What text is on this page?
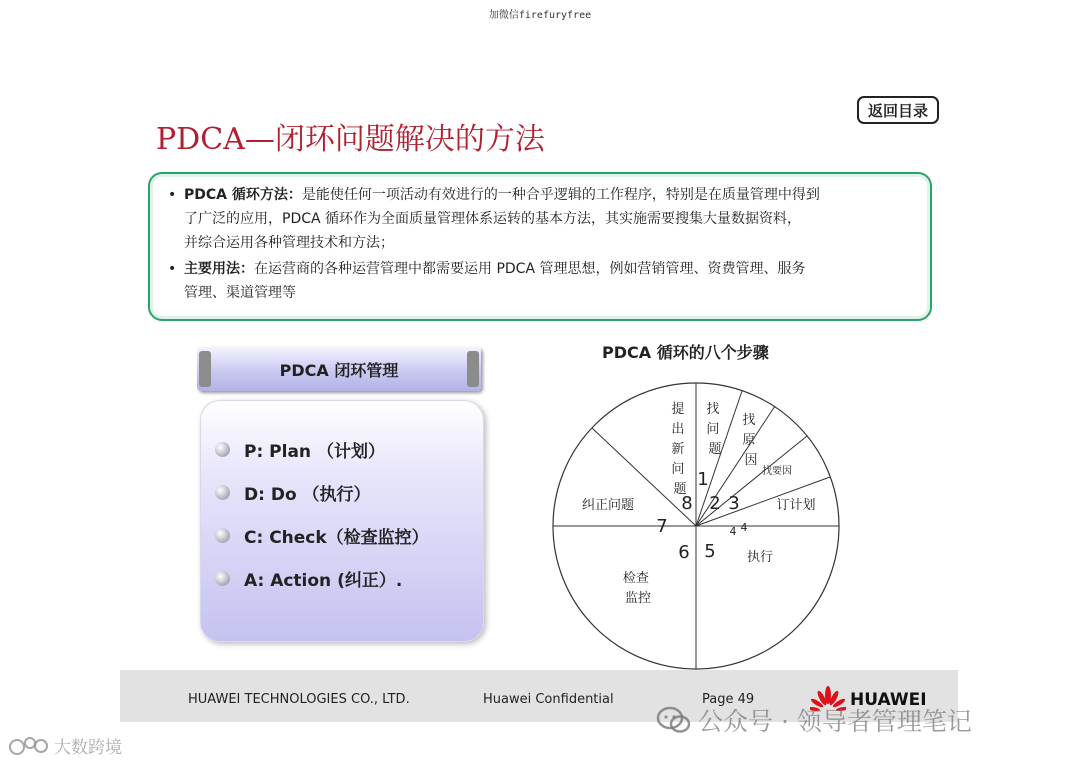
加微信firefuryfree
返回目录
PDCA—闭环问题解决的方法
• PDCA 循环方法：是能使任何一项活动有效进行的一种合乎逻辑的工作程序，特别是在质量管理中得到
了广泛的应用，PDCA 循环作为全面质量管理体系运转的基本方法，其实施需要搜集大量数据资料，
并综合运用各种管理技术和方法；
• 主要用法：在运营商的各种运营管理中都需要运用 PDCA 管理思想，例如营销管理、资费管理、服务
管理、渠道管理等
PDCA 闭环管理
P: Plan （计划）
D: Do （执行）
C: Check（检查监控）
A: Action (纠正）.
PDCA 循环的八个步骤
提 出 新 问 题
找 问 题
找 原 因
找要因
订计划
执行
检查 监控
纠正问题
1
2 3
4 4
5
6
7
8
HUAWEI TECHNOLOGIES CO., LTD.	Huawei Confidential	Page 49	HUAWEI
公众号 · 领导者管理笔记
大数跨境
